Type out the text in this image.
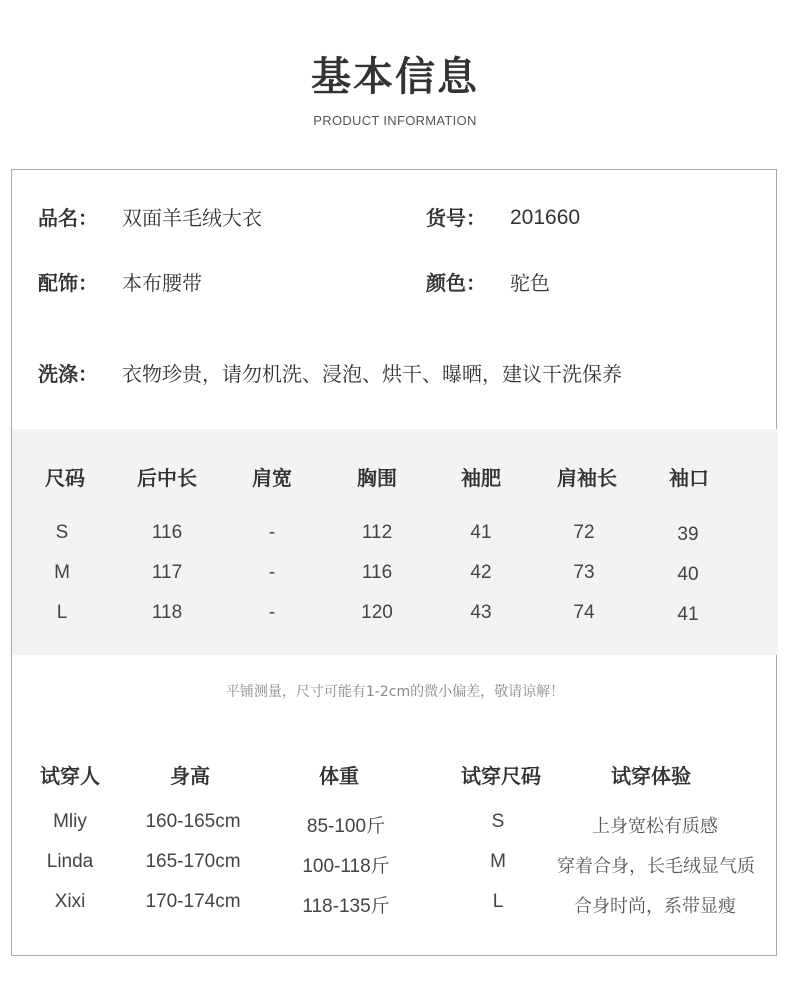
基本信息
PRODUCT INFORMATION
品名： 双面羊毛绒大衣	货号： 201660
配饰： 本布腰带	颜色： 驼色
洗涤： 衣物珍贵，请勿机洗、浸泡、烘干、曝晒，建议干洗保养
尺码	后中长	肩宽	胸围	袖肥	肩袖长	袖口
S	116	-	112	41	72	39
M	117	-	116	42	73	40
L	118	-	120	43	74	41
平铺测量，尺寸可能有1-2cm的微小偏差，敬请谅解！
试穿人	身高	体重	试穿尺码	试穿体验
Mliy	160-165cm	85-100斤	S	上身宽松有质感
Linda	165-170cm	100-118斤	M	穿着合身，长毛绒显气质
Xixi	170-174cm	118-135斤	L	合身时尚，系带显瘦
